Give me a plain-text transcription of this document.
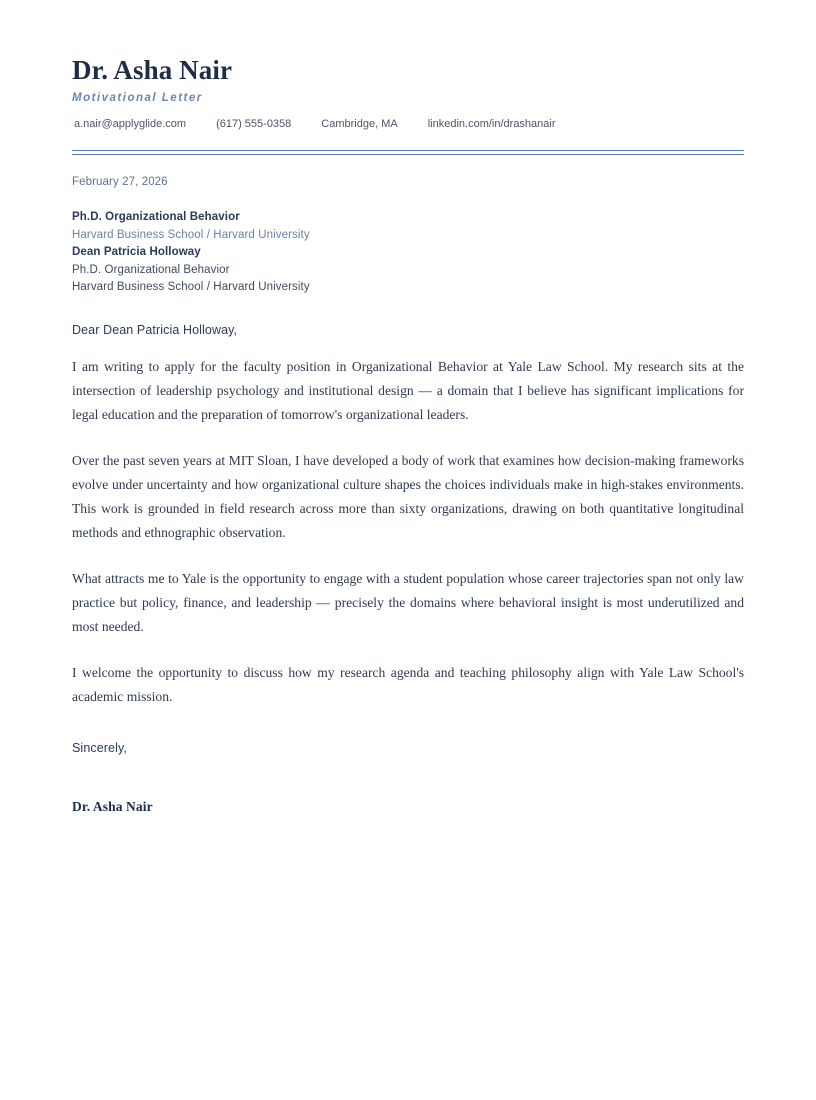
Dr. Asha Nair
Motivational Letter
a.nair@applyglide.com	(617) 555-0358	Cambridge, MA	linkedin.com/in/drashanair
February 27, 2026
Ph.D. Organizational Behavior
Harvard Business School / Harvard University
Dean Patricia Holloway
Ph.D. Organizational Behavior
Harvard Business School / Harvard University
Dear Dean Patricia Holloway,

I am writing to apply for the faculty position in Organizational Behavior at Yale Law School. My research sits at the intersection of leadership psychology and institutional design — a domain that I believe has significant implications for legal education and the preparation of tomorrow's organizational leaders.

Over the past seven years at MIT Sloan, I have developed a body of work that examines how decision-making frameworks evolve under uncertainty and how organizational culture shapes the choices individuals make in high-stakes environments. This work is grounded in field research across more than sixty organizations, drawing on both quantitative longitudinal methods and ethnographic observation.

What attracts me to Yale is the opportunity to engage with a student population whose career trajectories span not only law practice but policy, finance, and leadership — precisely the domains where behavioral insight is most underutilized and most needed.

I welcome the opportunity to discuss how my research agenda and teaching philosophy align with Yale Law School's academic mission.

Sincerely,
Dr. Asha Nair
